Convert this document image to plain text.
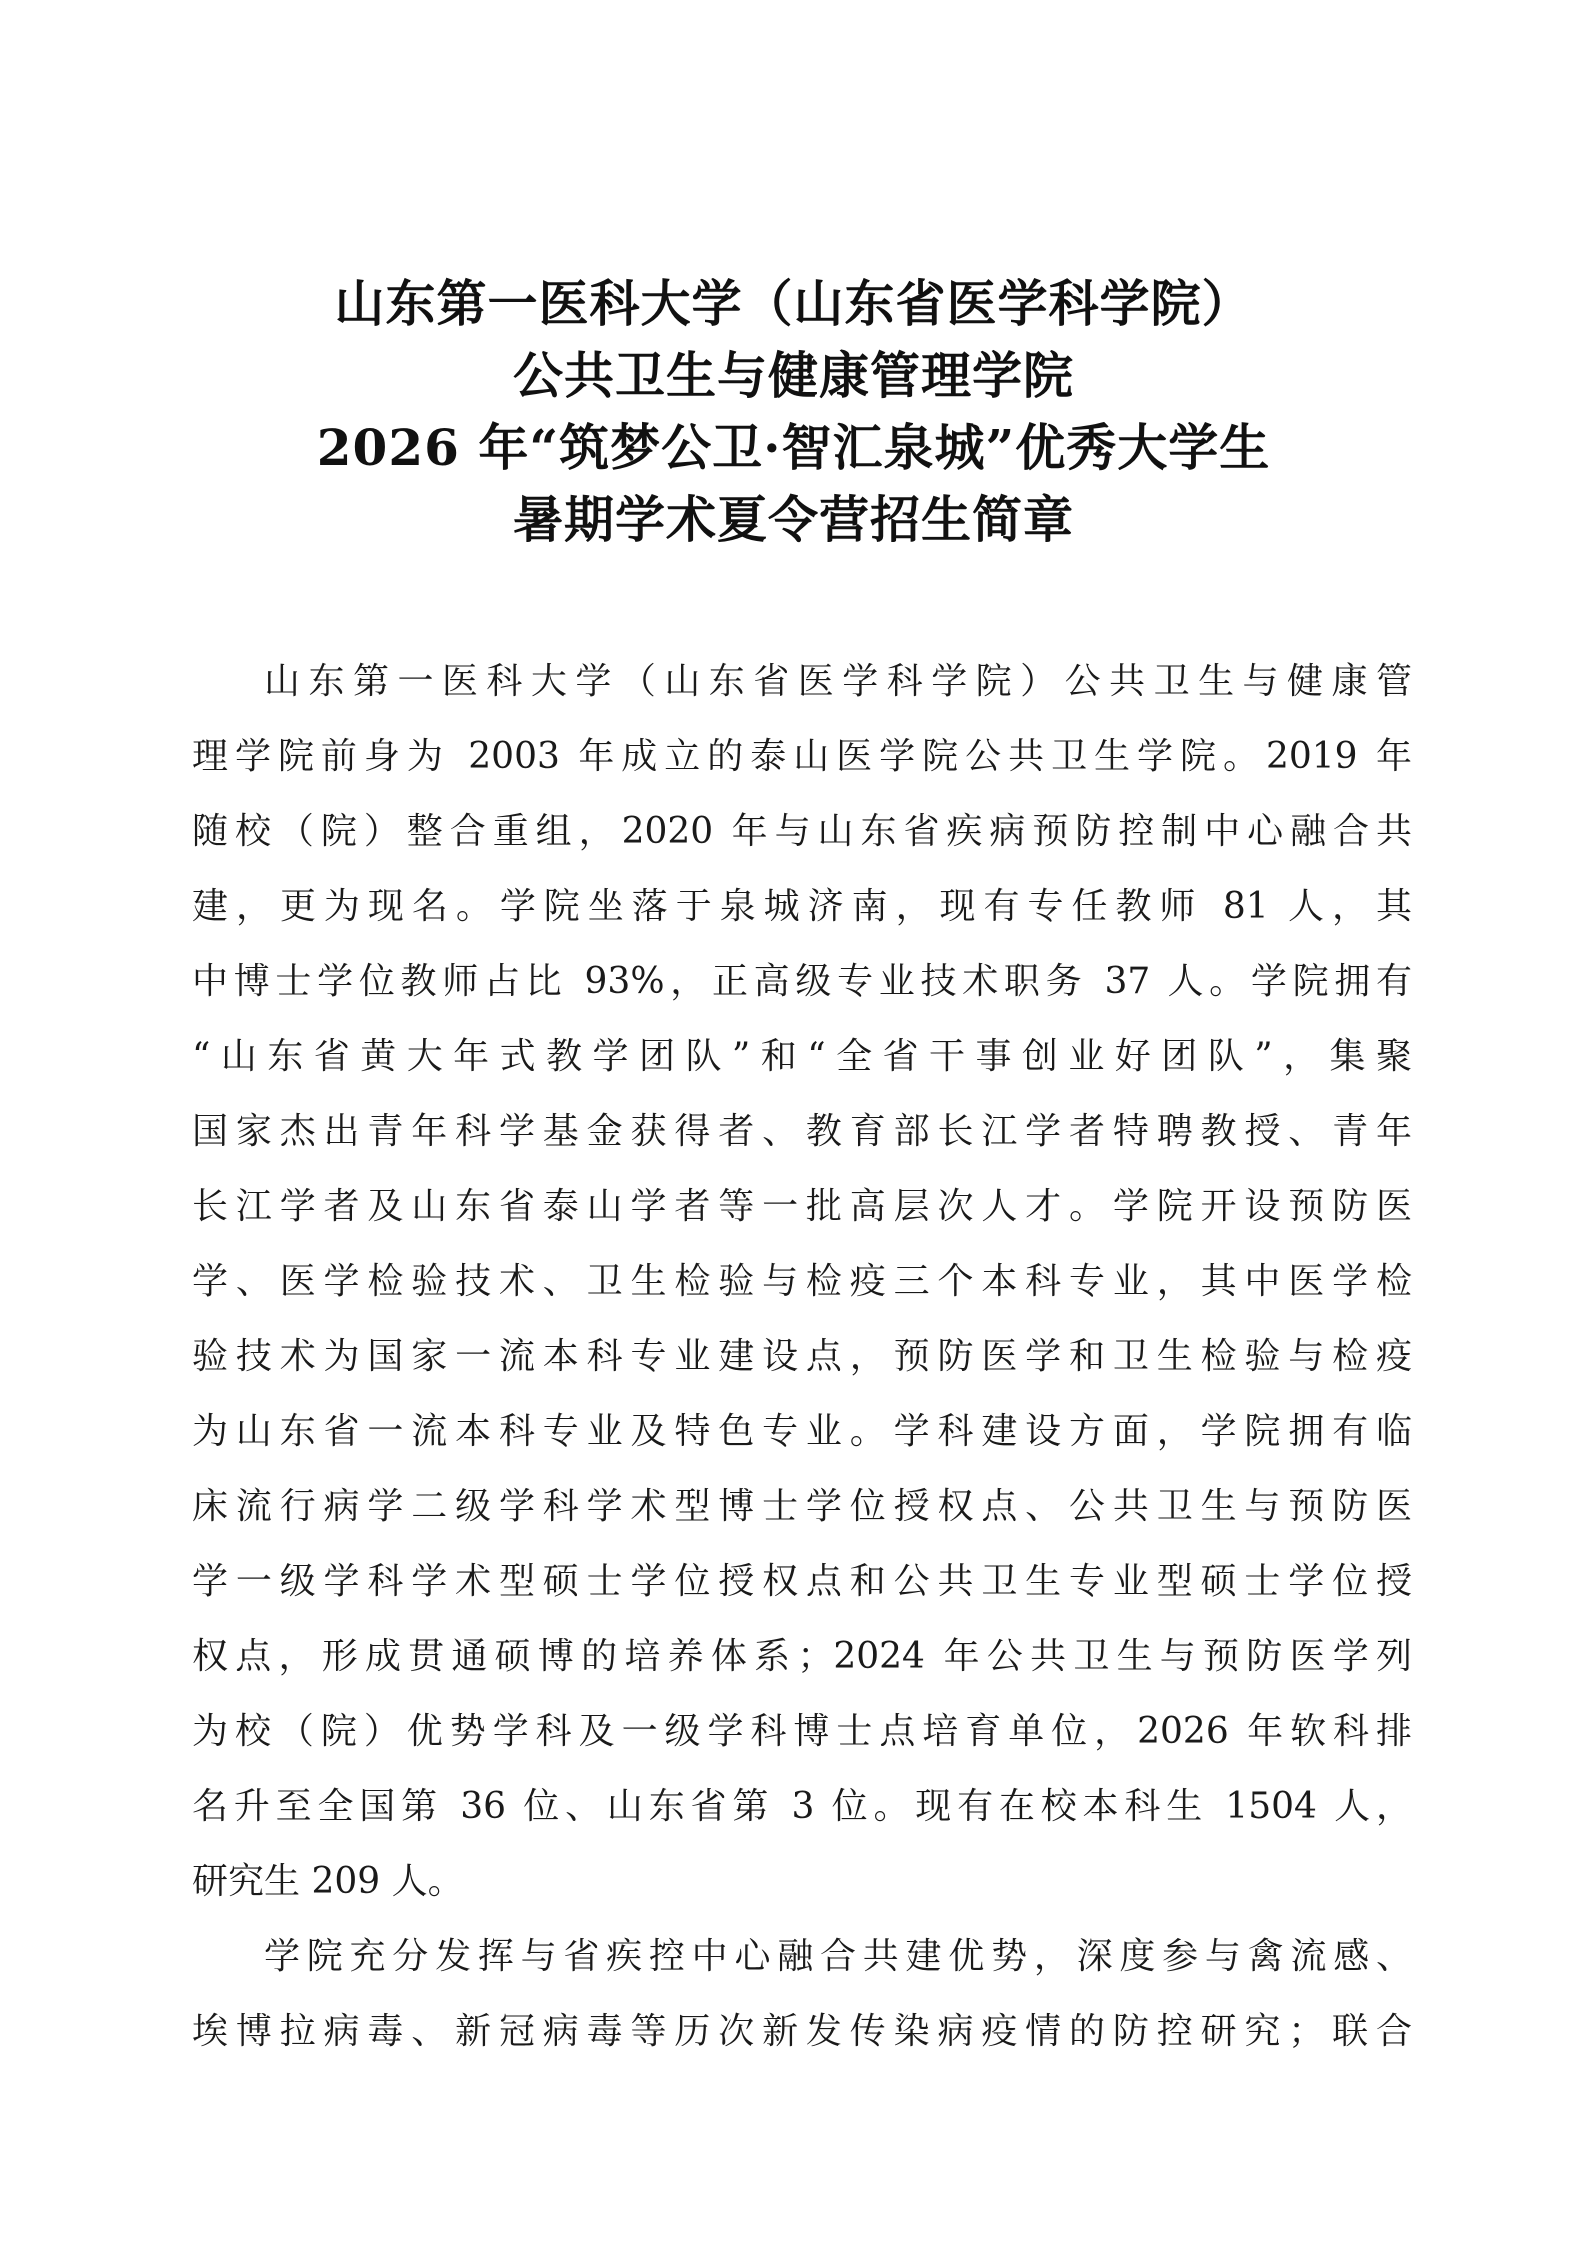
山东第一医科大学（山东省医学科学院）
公共卫生与健康管理学院
2026 年“筑梦公卫·智汇泉城”优秀大学生
暑期学术夏令营招生简章
山东第一医科大学（山东省医学科学院）公共卫生与健康管
理学院前身为 2003 年成立的泰山医学院公共卫生学院。2019 年
随校（院）整合重组，2020 年与山东省疾病预防控制中心融合共
建，更为现名。学院坐落于泉城济南，现有专任教师 81 人，其
中博士学位教师占比 93%，正高级专业技术职务 37 人。学院拥有
“山东省黄大年式教学团队”和“全省干事创业好团队”，集聚
国家杰出青年科学基金获得者、教育部长江学者特聘教授、青年
长江学者及山东省泰山学者等一批高层次人才。学院开设预防医
学、医学检验技术、卫生检验与检疫三个本科专业，其中医学检
验技术为国家一流本科专业建设点，预防医学和卫生检验与检疫
为山东省一流本科专业及特色专业。学科建设方面，学院拥有临
床流行病学二级学科学术型博士学位授权点、公共卫生与预防医
学一级学科学术型硕士学位授权点和公共卫生专业型硕士学位授
权点，形成贯通硕博的培养体系；2024 年公共卫生与预防医学列
为校（院）优势学科及一级学科博士点培育单位，2026 年软科排
名升至全国第 36 位、山东省第 3 位。现有在校本科生 1504 人，
研究生 209 人。
学院充分发挥与省疾控中心融合共建优势，深度参与禽流感、
埃博拉病毒、新冠病毒等历次新发传染病疫情的防控研究；联合
